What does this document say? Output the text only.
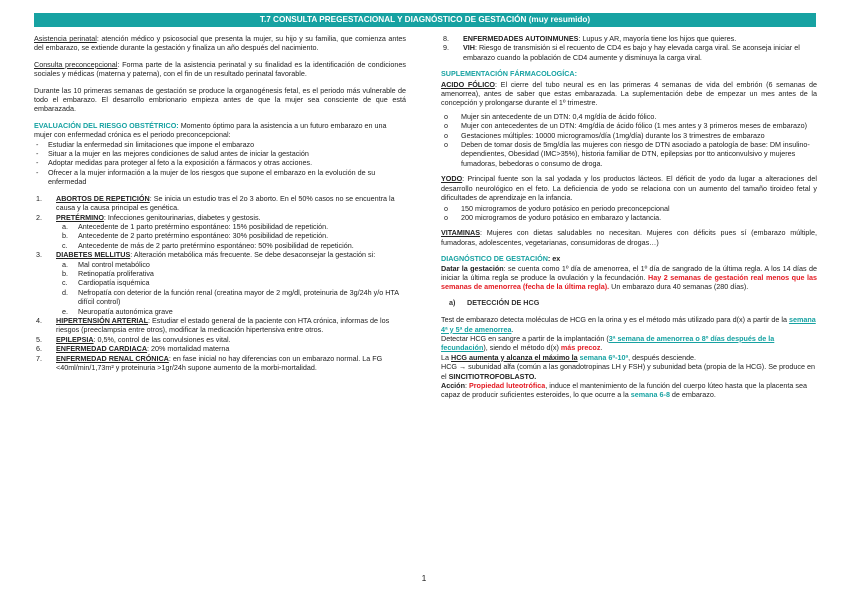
T.7 CONSULTA PREGESTACIONAL Y DIAGNÓSTICO DE GESTACIÓN (muy resumido)

Asistencia perinatal: atención médico y psicosocial que presenta la mujer, su hijo y su familia, que comienza antes del embarazo, se extiende durante la gestación y finaliza un año después del nacimiento.

Consulta preconcepcional: Forma parte de la asistencia perinatal y su finalidad es la identificación de condiciones sociales y médicas (materna y paterna), con el fin de un resultado perinatal favorable.

Durante las 10 primeras semanas de gestación se produce la organogénesis fetal, es el periodo más vulnerable de todo el embarazo. El desarrollo embrionario empieza antes de que la mujer sea consciente de que está embarazada.

EVALUACIÓN DEL RIESGO OBSTÉTRICO: Momento óptimo para la asistencia a un futuro embarazo en una mujer con enfermedad crónica es el periodo preconcepcional:
- Estudiar la enfermedad sin limitaciones que impone el embarazo
- Situar a la mujer en las mejores condiciones de salud antes de iniciar la gestación
- Adoptar medidas para proteger al feto a la exposición a fármacos y otras acciones.
- Ofrecer a la mujer información a la mujer de los riesgos que supone el embarazo en la evolución de su enfermedad
1. ABORTOS DE REPETICIÓN: Se inicia un estudio tras el 2o 3 aborto. En el 50% casos no se encuentra la causa y la causa principal es genética.
2. PRETÉRMINO: Infecciones genitourinarias, diabetes y gestosis.
a. Antecedente de 1 parto pretérmino espontáneo: 15% posibilidad de repetición.
b. Antecedente de 2 parto pretérmino espontáneo: 30% posibilidad de repetición.
c. Antecedente de más de 2 parto pretérmino espontáneo: 50% posibilidad de repetición.
3. DIABETES MELLITUS: Alteración metabólica más frecuente. Se debe desaconsejar la gestación si:
a. Mal control metabólico
b. Retinopatía proliferativa
c. Cardiopatía isquémica
d. Nefropatía con deterior de la función renal (creatina mayor de 2 mg/dl, proteinuria de 3g/24h y/o HTA difícil control)
e. Neuropatía autonómica grave
4. HIPERTENSIÓN ARTERIAL: Estudiar el estado general de la paciente con HTA crónica, informas de los riesgos (preeclampsia entre otros), modificar la medicación hipertensiva entre otros.
5. EPILEPSIA: 0,5%, control de las convulsiones es vital.
6. ENFERMEDAD CARDIACA: 20% mortalidad materna
7. ENFERMEDAD RENAL CRÓNICA: en fase inicial no hay diferencias con un embarazo normal. La FG <40ml/min/1,73m² y proteinuria >1gr/24h supone aumento de la morbi-mortalidad.
8. ENFERMEDADES AUTOINMUNES: Lupus y AR, mayoría tiene los hijos que quieres.
9. VIH: Riesgo de transmisión si el recuento de CD4 es bajo y hay elevada carga viral. Se aconseja iniciar el embarazo cuando la población de CD4 aumente y disminuya la carga viral.
SUPLEMENTACIÓN FÁRMACOLOGÍCA:

ACIDO FÓLICO: El cierre del tubo neural es en las primeras 4 semanas de vida del embrión (6 semanas de amenorrea), antes de saber que estas embarazada. La suplementación debe de empezar un mes antes de la concepción y prolongarse durante el 1º trimestre.

o Mujer sin antecedente de un DTN: 0,4 mg/día de ácido fólico.
o Mujer con antecedentes de un DTN: 4mg/día de ácido fólico (1 mes antes y 3 primeros meses de embarazo)
o Gestaciones múltiples: 10000 microgramos/día (1mg/día) durante los 3 trimestres de embarazo
o Deben de tomar dosis de 5mg/día las mujeres con riesgo de DTN asociado a patología de base: DM insulino-dependientes, Obesidad (IMC>35%), historia familiar de DTN, epilepsias por tto anticonvulsivo y mujeres fumadoras, bebedoras o consumo de droga.

YODO: Principal fuente son la sal yodada y los productos lácteos. El déficit de yodo da lugar a alteraciones del desarrollo neurológico en el feto. La deficiencia de yodo se relaciona con un aumento del tamaño tiroideo fetal y dificultades de aprendizaje en la infancia.

o 150 microgramos de yoduro potásico en periodo preconcepcional
o 200 microgramos de yoduro potásico en embarazo y lactancia.

VITAMINAS: Mujeres con dietas saludables no necesitan. Mujeres con déficits pues sí (embarazo múltiple, fumadoras, adolescentes, vegetarianas, consumidoras de drogas…)

DIAGNÓSTICO DE GESTACIÓN: ex

Datar la gestación: se cuenta como 1º día de amenorrea, el 1º día de sangrado de la última regla. A los 14 días de iniciar la última regla se produce la ovulación y la fecundación. Hay 2 semanas de gestación real menos que las semanas de amenorrea (fecha de la última regla). Un embarazo dura 40 semanas (280 días).

a) DETECCIÓN DE HCG
Test de embarazo detecta moléculas de HCG en la orina y es el método más utilizado para d(x) a partir de la semana 4ª y 5ª de amenorrea.
Detectar HCG en sangre a partir de la implantación (3ª semana de amenorrea o 8º días después de la fecundación), siendo el método d(x) más precoz.
La HCG aumenta y alcanza el máximo la semana 6ª-10ª, después desciende.
HCG → subunidad alfa (común a las gonadotropinas LH y FSH) y subunidad beta (propia de la HCG). Se produce en el SINCITIOTROFOBLASTO.
Acción: Propiedad luteotrófica, induce el mantenimiento de la función del cuerpo lúteo hasta que la placenta sea capaz de producir suficientes esteroides, lo que ocurre a la semana 6-8 de embarazo.
1
